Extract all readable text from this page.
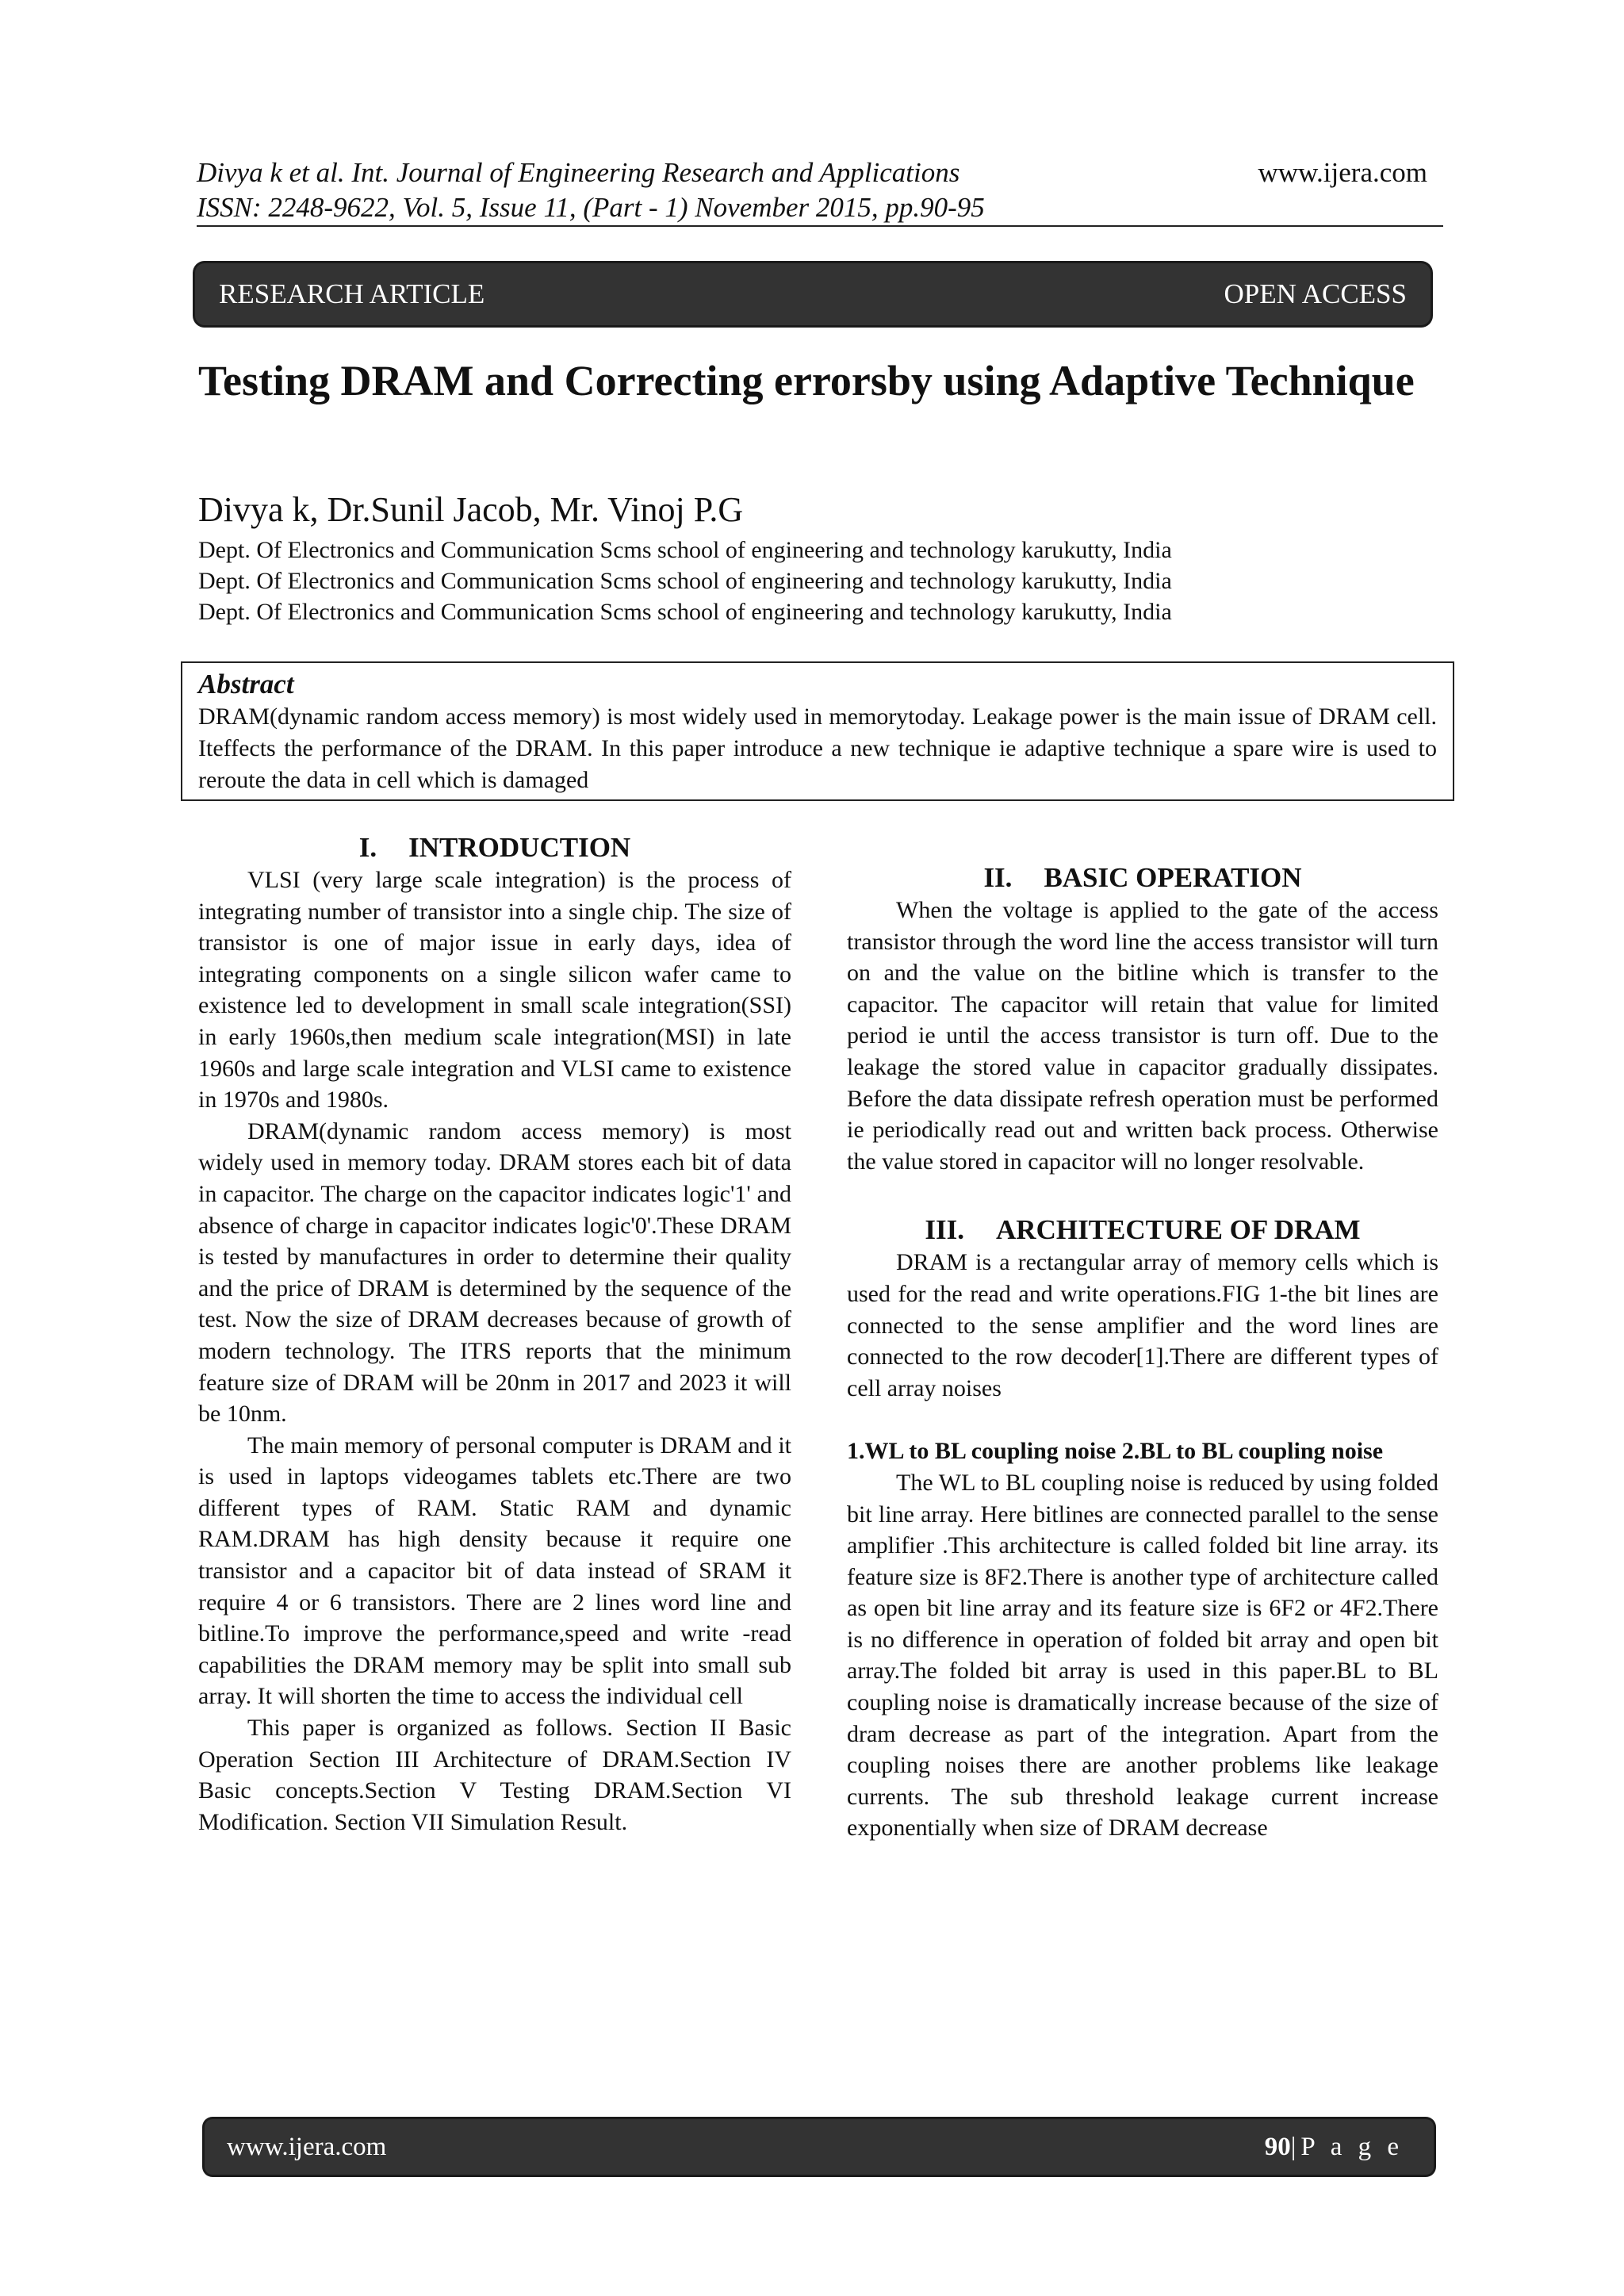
Divya k et al. Int. Journal of Engineering Research and Applications
ISSN: 2248-9622, Vol. 5, Issue 11, (Part - 1) November 2015, pp.90-95
www.ijera.com
RESEARCH ARTICLE	OPEN ACCESS
Testing DRAM and Correcting errorsby using Adaptive Technique
Divya k, Dr.Sunil Jacob, Mr. Vinoj P.G
Dept. Of Electronics and Communication Scms school of engineering and technology karukutty, India
Dept. Of Electronics and Communication Scms school of engineering and technology karukutty, India
Dept. Of Electronics and Communication Scms school of engineering and technology karukutty, India
Abstract
DRAM(dynamic random access memory) is most widely used in memorytoday. Leakage power is the main issue of DRAM cell. Iteffects the performance of the DRAM. In this paper introduce a new technique ie adaptive technique a spare wire is used to reroute the data in cell which is damaged
I. INTRODUCTION

VLSI (very large scale integration) is the process of integrating number of transistor into a single chip. The size of transistor is one of major issue in early days, idea of integrating components on a single silicon wafer came to existence led to development in small scale integration(SSI) in early 1960s,then medium scale integration(MSI) in late 1960s and large scale integration and VLSI came to existence in 1970s and 1980s.

DRAM(dynamic random access memory) is most widely used in memory today. DRAM stores each bit of data in capacitor. The charge on the capacitor indicates logic'1' and absence of charge in capacitor indicates logic'0'.These DRAM is tested by manufactures in order to determine their quality and the price of DRAM is determined by the sequence of the test. Now the size of DRAM decreases because of growth of modern technology. The ITRS reports that the minimum feature size of DRAM will be 20nm in 2017 and 2023 it will be 10nm.

The main memory of personal computer is DRAM and it is used in laptops videogames tablets etc.There are two different types of RAM. Static RAM and dynamic RAM.DRAM has high density because it require one transistor and a capacitor bit of data instead of SRAM it require 4 or 6 transistors. There are 2 lines word line and bitline.To improve the performance,speed and write -read capabilities the DRAM memory may be split into small sub array. It will shorten the time to access the individual cell

This paper is organized as follows. Section II Basic Operation Section III Architecture of DRAM.Section IV Basic concepts.Section V Testing DRAM.Section VI Modification. Section VII Simulation Result.

II. BASIC OPERATION

When the voltage is applied to the gate of the access transistor through the word line the access transistor will turn on and the value on the bitline which is transfer to the capacitor. The capacitor will retain that value for limited period ie until the access transistor is turn off. Due to the leakage the stored value in capacitor gradually dissipates. Before the data dissipate refresh operation must be performed ie periodically read out and written back process. Otherwise the value stored in capacitor will no longer resolvable.

III. ARCHITECTURE OF DRAM

DRAM is a rectangular array of memory cells which is used for the read and write operations.FIG 1-the bit lines are connected to the sense amplifier and the word lines are connected to the row decoder[1].There are different types of cell array noises

1.WL to BL coupling noise 2.BL to BL coupling noise

The WL to BL coupling noise is reduced by using folded bit line array. Here bitlines are connected parallel to the sense amplifier .This architecture is called folded bit line array. its feature size is 8F2.There is another type of architecture called as open bit line array and its feature size is 6F2 or 4F2.There is no difference in operation of folded bit array and open bit array.The folded bit array is used in this paper.BL to BL coupling noise is dramatically increase because of the size of dram decrease as part of the integration. Apart from the coupling noises there are another problems like leakage currents. The sub threshold leakage current increase exponentially when size of DRAM decrease

www.ijera.com	90|P a g e
